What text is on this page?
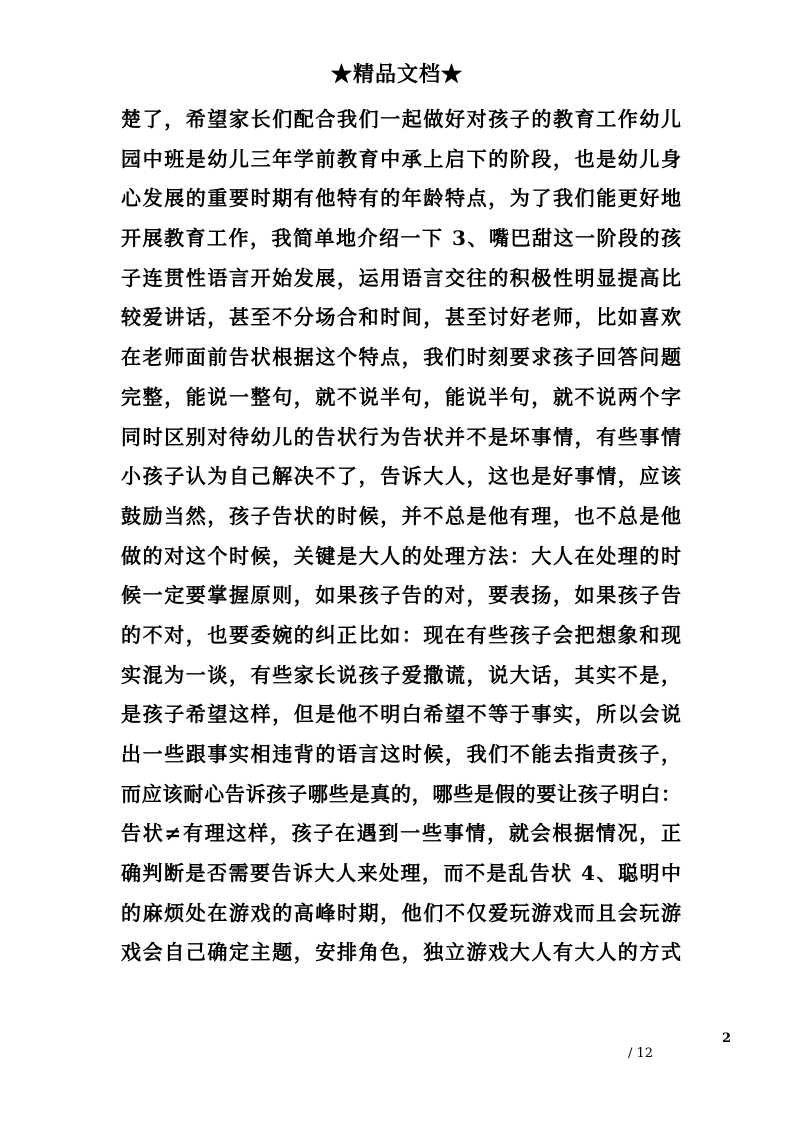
★精品文档★
楚了，希望家长们配合我们一起做好对孩子的教育工作幼儿
园中班是幼儿三年学前教育中承上启下的阶段，也是幼儿身
心发展的重要时期有他特有的年龄特点，为了我们能更好地
开展教育工作，我简单地介绍一下 3、嘴巴甜这一阶段的孩
子连贯性语言开始发展，运用语言交往的积极性明显提高比
较爱讲话，甚至不分场合和时间，甚至讨好老师，比如喜欢
在老师面前告状根据这个特点，我们时刻要求孩子回答问题
完整，能说一整句，就不说半句，能说半句，就不说两个字
同时区别对待幼儿的告状行为告状并不是坏事情，有些事情
小孩子认为自己解决不了，告诉大人，这也是好事情，应该
鼓励当然，孩子告状的时候，并不总是他有理，也不总是他
做的对这个时候，关键是大人的处理方法：大人在处理的时
候一定要掌握原则，如果孩子告的对，要表扬，如果孩子告
的不对，也要委婉的纠正比如：现在有些孩子会把想象和现
实混为一谈，有些家长说孩子爱撒谎，说大话，其实不是，
是孩子希望这样，但是他不明白希望不等于事实，所以会说
出一些跟事实相违背的语言这时候，我们不能去指责孩子，
而应该耐心告诉孩子哪些是真的，哪些是假的要让孩子明白：
告状≠有理这样，孩子在遇到一些事情，就会根据情况，正
确判断是否需要告诉大人来处理，而不是乱告状 4、聪明中
的麻烦处在游戏的高峰时期，他们不仅爱玩游戏而且会玩游
戏会自己确定主题，安排角色，独立游戏大人有大人的方式
2
/ 12
